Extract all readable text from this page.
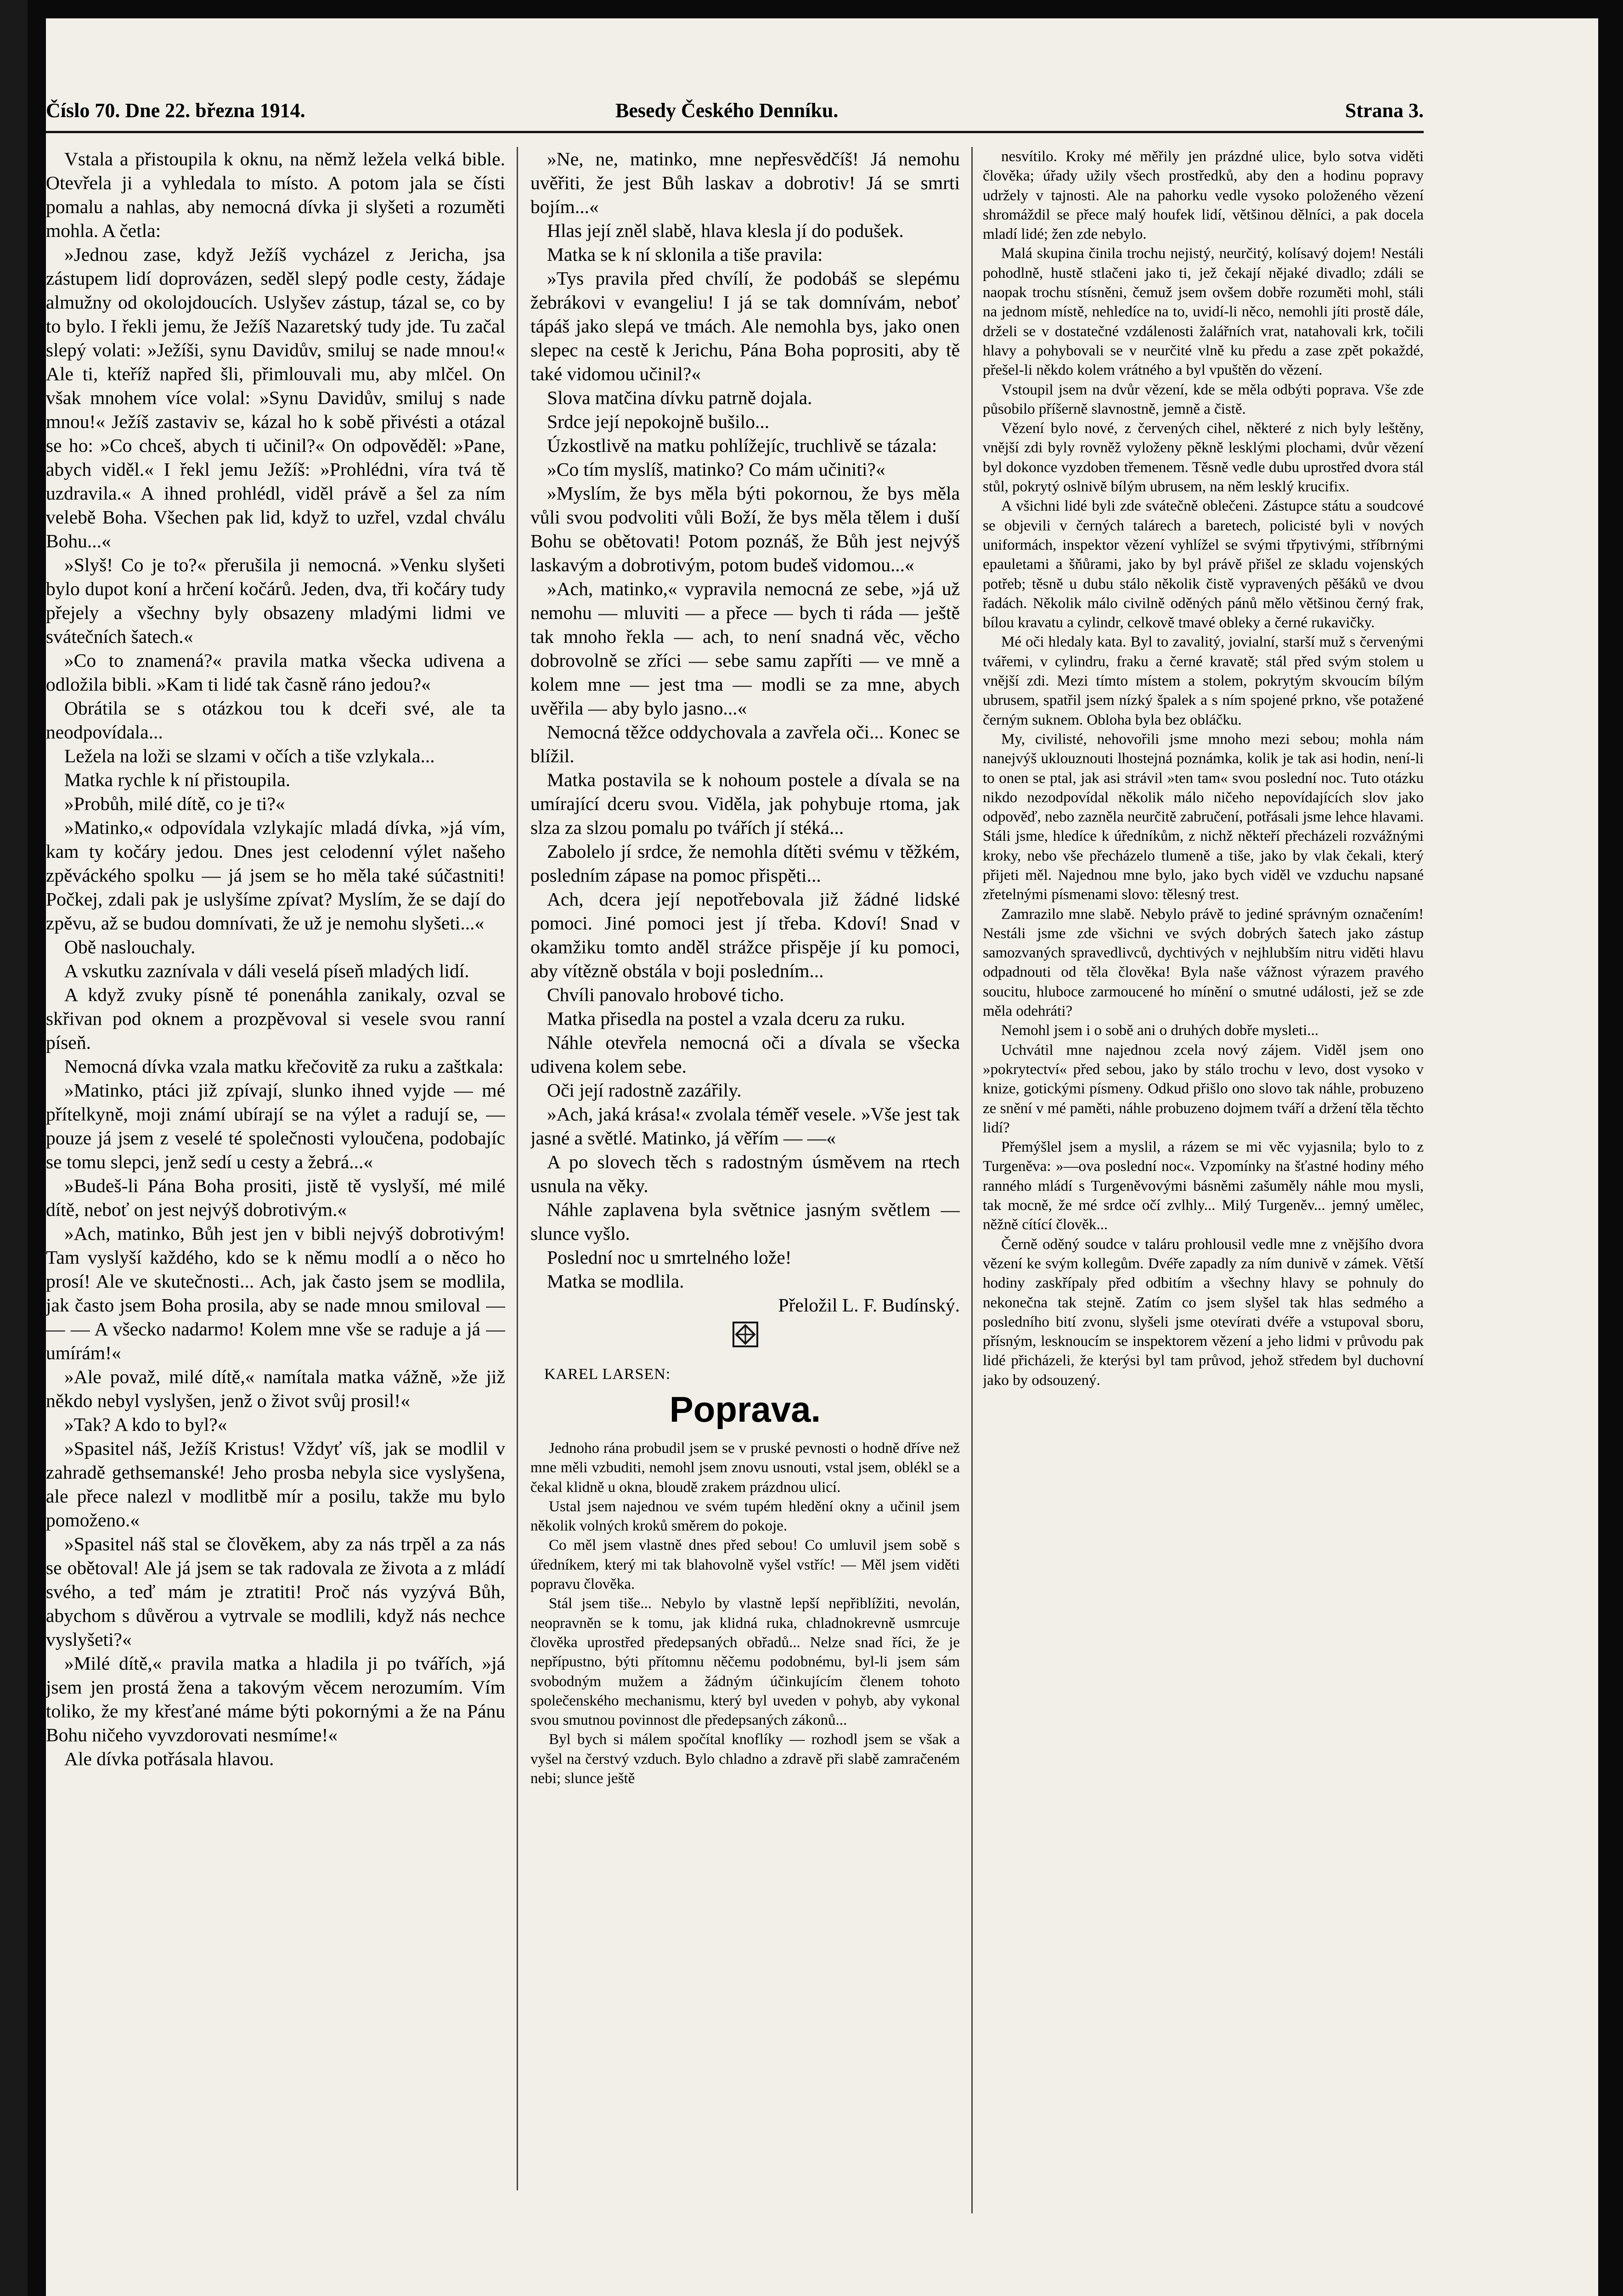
Číslo 70. Dne 22. března 1914.	Besedy Českého Denníku.	Strana 3.

Vstala a přistoupila k oknu, na němž ležela velká bible. Otevřela ji a vyhledala to místo. A potom jala se čísti pomalu a nahlas, aby nemocná dívka ji slyšeti a rozuměti mohla. A četla:

»Jednou zase, když Ježíš vycházel z Jericha, jsa zástupem lidí doprovázen, seděl slepý podle cesty, žádaje almužny od okolojdoucích. Uslyšev zástup, tázal se, co by to bylo. I řekli jemu, že Ježíš Nazaretský tudy jde. Tu začal slepý volati: »Ježíši, synu Davidův, smiluj se nade mnou!« Ale ti, kteříž napřed šli, přimlouvali mu, aby mlčel. On však mnohem více volal: »Synu Davidův, smiluj s nade mnou!« Ježíš zastaviv se, kázal ho k sobě přivésti a otázal se ho: »Co chceš, abych ti učinil?« On odpověděl: »Pane, abych viděl.« I řekl jemu Ježíš: »Prohlédni, víra tvá tě uzdravila.« A ihned prohlédl, viděl právě a šel za ním velebě Boha. Všechen pak lid, když to uzřel, vzdal chválu Bohu...«

»Slyš! Co je to?« přerušila ji nemocná. »Venku slyšeti bylo dupot koní a hrčení kočárů. Jeden, dva, tři kočáry tudy přejely a všechny byly obsazeny mladými lidmi ve svátečních šatech.«

»Co to znamená?« pravila matka všecka udivena a odložila bibli. »Kam ti lidé tak časně ráno jedou?«

Obrátila se s otázkou tou k dceři své, ale ta neodpovídala...

Ležela na loži se slzami v očích a tiše vzlykala...

Matka rychle k ní přistoupila.

»Probůh, milé dítě, co je ti?«

»Matinko,« odpovídala vzlykajíc mladá dívka, »já vím, kam ty kočáry jedou. Dnes jest celodenní výlet našeho zpěváckého spolku — já jsem se ho měla také súčastniti! Počkej, zdali pak je uslyšíme zpívat? Myslím, že se dají do zpěvu, až se budou domnívati, že už je nemohu slyšeti...«

Obě naslouchaly.

A vskutku zaznívala v dáli veselá píseň mladých lidí.

A když zvuky písně té ponenáhla zanikaly, ozval se skřivan pod oknem a prozpěvoval si vesele svou ranní píseň.

Nemocná dívka vzala matku křečovitě za ruku a zaštkala:

»Matinko, ptáci již zpívají, slunko ihned vyjde — mé přítelkyně, moji známí ubírají se na výlet a radují se, — pouze já jsem z veselé té společnosti vyloučena, podobajíc se tomu slepci, jenž sedí u cesty a žebrá...«

»Budeš-li Pána Boha prositi, jistě tě vyslyší, mé milé dítě, neboť on jest nejvýš dobrotivým.«

»Ach, matinko, Bůh jest jen v bibli nejvýš dobrotivým! Tam vyslyší každého, kdo se k němu modlí a o něco ho prosí! Ale ve skutečnosti... Ach, jak často jsem se modlila, jak často jsem Boha prosila, aby se nade mnou smiloval — — — A všecko nadarmo! Kolem mne vše se raduje a já — umírám!«

»Ale považ, milé dítě,« namítala matka vážně, »že již někdo nebyl vyslyšen, jenž o život svůj prosil!«

»Tak? A kdo to byl?«

»Spasitel náš, Ježíš Kristus! Vždyť víš, jak se modlil v zahradě gethsemanské! Jeho prosba nebyla sice vyslyšena, ale přece nalezl v modlitbě mír a posilu, takže mu bylo pomoženo.«

»Spasitel náš stal se člověkem, aby za nás trpěl a za nás se obětoval! Ale já jsem se tak radovala ze života a z mládí svého, a teď mám je ztratiti! Proč nás vyzývá Bůh, abychom s důvěrou a vytrvale se modlili, když nás nechce vyslyšeti?«

»Milé dítě,« pravila matka a hladila ji po tvářích, »já jsem jen prostá žena a takovým věcem nerozumím. Vím toliko, že my křesťané máme býti pokornými a že na Pánu Bohu ničeho vyvzdorovati nesmíme!«

Ale dívka potřásala hlavou.

»Ne, ne, matinko, mne nepřesvědčíš! Já nemohu uvěřiti, že jest Bůh laskav a dobrotiv! Já se smrti bojím...«

Hlas její zněl slabě, hlava klesla jí do podušek.

Matka se k ní sklonila a tiše pravila:

»Tys pravila před chvílí, že podobáš se slepému žebrákovi v evangeliu! I já se tak domnívám, neboť tápáš jako slepá ve tmách. Ale nemohla bys, jako onen slepec na cestě k Jerichu, Pána Boha poprositi, aby tě také vidomou učinil?«

Slova matčina dívku patrně dojala.

Srdce její nepokojně bušilo...

Úzkostlivě na matku pohlížejíc, truchlivě se tázala:

»Co tím myslíš, matinko? Co mám učiniti?«

»Myslím, že bys měla býti pokornou, že bys měla vůli svou podvoliti vůli Boží, že bys měla tělem i duší Bohu se obětovati! Potom poznáš, že Bůh jest nejvýš laskavým a dobrotivým, potom budeš vidomou...«

»Ach, matinko,« vypravila nemocná ze sebe, »já už nemohu — mluviti — a přece — bych ti ráda — ještě tak mnoho řekla — ach, to není snadná věc, věcho dobrovolně se zříci — sebe samu zapříti — ve mně a kolem mne — jest tma — modli se za mne, abych uvěřila — aby bylo jasno...«

Nemocná těžce oddychovala a zavřela oči... Konec se blížil.

Matka postavila se k nohoum postele a dívala se na umírající dceru svou. Viděla, jak pohybuje rtoma, jak slza za slzou pomalu po tvářích jí stéká...

Zabolelo jí srdce, že nemohla dítěti svému v těžkém, posledním zápase na pomoc přispěti...

Ach, dcera její nepotřebovala již žádné lidské pomoci. Jiné pomoci jest jí třeba. Kdoví! Snad v okamžiku tomto anděl strážce přispěje jí ku pomoci, aby vítězně obstála v boji posledním...

Chvíli panovalo hrobové ticho.

Matka přisedla na postel a vzala dceru za ruku.

Náhle otevřela nemocná oči a dívala se všecka udivena kolem sebe.

Oči její radostně zazářily.

»Ach, jaká krása!« zvolala téměř vesele. »Vše jest tak jasné a světlé. Matinko, já věřím — —«

A po slovech těch s radostným úsměvem na rtech usnula na věky.

Náhle zaplavena byla světnice jasným světlem — slunce vyšlo.

Poslední noc u smrtelného lože!

Matka se modlila.

Přeložil L. F. Budínský.

KAREL LARSEN:
Poprava.

Jednoho rána probudil jsem se v pruské pevnosti o hodně dříve než mne měli vzbuditi, nemohl jsem znovu usnouti, vstal jsem, oblékl se a čekal klidně u okna, bloudě zrakem prázdnou ulicí.

Ustal jsem najednou ve svém tupém hledění okny a učinil jsem několik volných kroků směrem do pokoje.

Co měl jsem vlastně dnes před sebou! Co umluvil jsem sobě s úředníkem, který mi tak blahovolně vyšel vstříc! — Měl jsem viděti popravu člověka.

Stál jsem tiše... Nebylo by vlastně lepší nepřiblížiti, nevolán, neopravněn se k tomu, jak klidná ruka, chladnokrevně usmrcuje člověka uprostřed předepsaných obřadů... Nelze snad říci, že je nepřípustno, býti přítomnu něčemu podobnému, byl-li jsem sám svobodným mužem a žádným účinkujícím členem tohoto společenského mechanismu, který byl uveden v pohyb, aby vykonal svou smutnou povinnost dle předepsaných zákonů...

Byl bych si málem spočítal knoflíky — rozhodl jsem se však a vyšel na čerstvý vzduch. Bylo chladno a zdravě při slabě zamračeném nebi; slunce ještě

nesvítilo. Kroky mé měřily jen prázdné ulice, bylo sotva viděti člověka; úřady užily všech prostředků, aby den a hodinu popravy udržely v tajnosti. Ale na pahorku vedle vysoko položeného vězení shromáždil se přece malý houfek lidí, většinou dělníci, a pak docela mladí lidé; žen zde nebylo.

Malá skupina činila trochu nejistý, neurčitý, kolísavý dojem! Nestáli pohodlně, hustě stlačeni jako ti, jež čekají nějaké divadlo; zdáli se naopak trochu stísněni, čemuž jsem ovšem dobře rozuměti mohl, stáli na jednom místě, nehledíce na to, uvidí-li něco, nemohli jíti prostě dále, drželi se v dostatečné vzdálenosti žalářních vrat, natahovali krk, točili hlavy a pohybovali se v neurčité vlně ku předu a zase zpět pokaždé, přešel-li někdo kolem vrátného a byl vpuštěn do vězení.

Vstoupil jsem na dvůr vězení, kde se měla odbýti poprava. Vše zde působilo příšerně slavnostně, jemně a čistě.

Vězení bylo nové, z červených cihel, některé z nich byly leštěny, vnější zdi byly rovněž vyloženy pěkně lesklými plochami, dvůr vězení byl dokonce vyzdoben třemenem. Těsně vedle dubu uprostřed dvora stál stůl, pokrytý oslnivě bílým ubrusem, na něm lesklý krucifix.

A všichni lidé byli zde svátečně oblečeni. Zástupce státu a soudcové se objevili v černých talárech a baretech, policisté byli v nových uniformách, inspektor vězení vyhlížel se svými třpytivými, stříbrnými epauletami a šňůrami, jako by byl právě přišel ze skladu vojenských potřeb; těsně u dubu stálo několik čistě vypravených pěšáků ve dvou řadách. Několik málo civilně oděných pánů mělo většinou černý frak, bílou kravatu a cylindr, celkově tmavé obleky a černé rukavičky.

Mé oči hledaly kata. Byl to zavalitý, jovialní, starší muž s červenými tvářemi, v cylindru, fraku a černé kravatě; stál před svým stolem u vnější zdi. Mezi tímto místem a stolem, pokrytým skvoucím bílým ubrusem, spatřil jsem nízký špalek a s ním spojené prkno, vše potažené černým suknem. Obloha byla bez obláčku.

My, civilisté, nehovořili jsme mnoho mezi sebou; mohla nám nanejvýš uklouznouti lhostejná poznámka, kolik je tak asi hodin, není-li to onen se ptal, jak asi strávil »ten tam« svou poslední noc. Tuto otázku nikdo nezodpovídal několik málo ničeho nepovídajících slov jako odpověď, nebo zazněla neurčitě zabručení, potřásali jsme lehce hlavami. Stáli jsme, hledíce k úředníkům, z nichž někteří přecházeli rozvážnými kroky, nebo vše přecházelo tlumeně a tiše, jako by vlak čekali, který přijeti měl. Najednou mne bylo, jako bych viděl ve vzduchu napsané zřetelnými písmenami slovo: tělesný trest.

Zamrazilo mne slabě. Nebylo právě to jediné správným označením! Nestáli jsme zde všichni ve svých dobrých šatech jako zástup samozvaných spravedlivců, dychtivých v nejhlubším nitru viděti hlavu odpadnouti od těla člověka! Byla naše vážnost výrazem pravého soucitu, hluboce zarmoucené ho mínění o smutné události, jež se zde měla odehráti?

Nemohl jsem i o sobě ani o druhých dobře mysleti...

Uchvátil mne najednou zcela nový zájem. Viděl jsem ono »pokrytectví« před sebou, jako by stálo trochu v levo, dost vysoko v knize, gotickými písmeny. Odkud přišlo ono slovo tak náhle, probuzeno ze snění v mé paměti, náhle probuzeno dojmem tváří a držení těla těchto lidí?

Přemýšlel jsem a myslil, a rázem se mi věc vyjasnila; bylo to z Turgeněva: »—ova poslední noc«. Vzpomínky na šťastné hodiny mého ranného mládí s Turgeněvovými básněmi zašuměly náhle mou mysli, tak mocně, že mé srdce očí zvlhly... Milý Turgeněv... jemný umělec, něžně cítící člověk...

Černě oděný soudce v taláru prohlousil vedle mne z vnějšího dvora vězení ke svým kollegům. Dvéře zapadly za ním dunivě v zámek. Větší hodiny zaskřípaly před odbitím a všechny hlavy se pohnuly do nekonečna tak stejně. Zatím co jsem slyšel tak hlas sedmého a posledního bití zvonu, slyšeli jsme otevírati dvéře a vstupoval sboru, přísným, lesknoucím se inspektorem vězení a jeho lidmi v průvodu pak lidé přicházeli, že kterýsi byl tam průvod, jehož středem byl duchovní jako by odsouzený.
